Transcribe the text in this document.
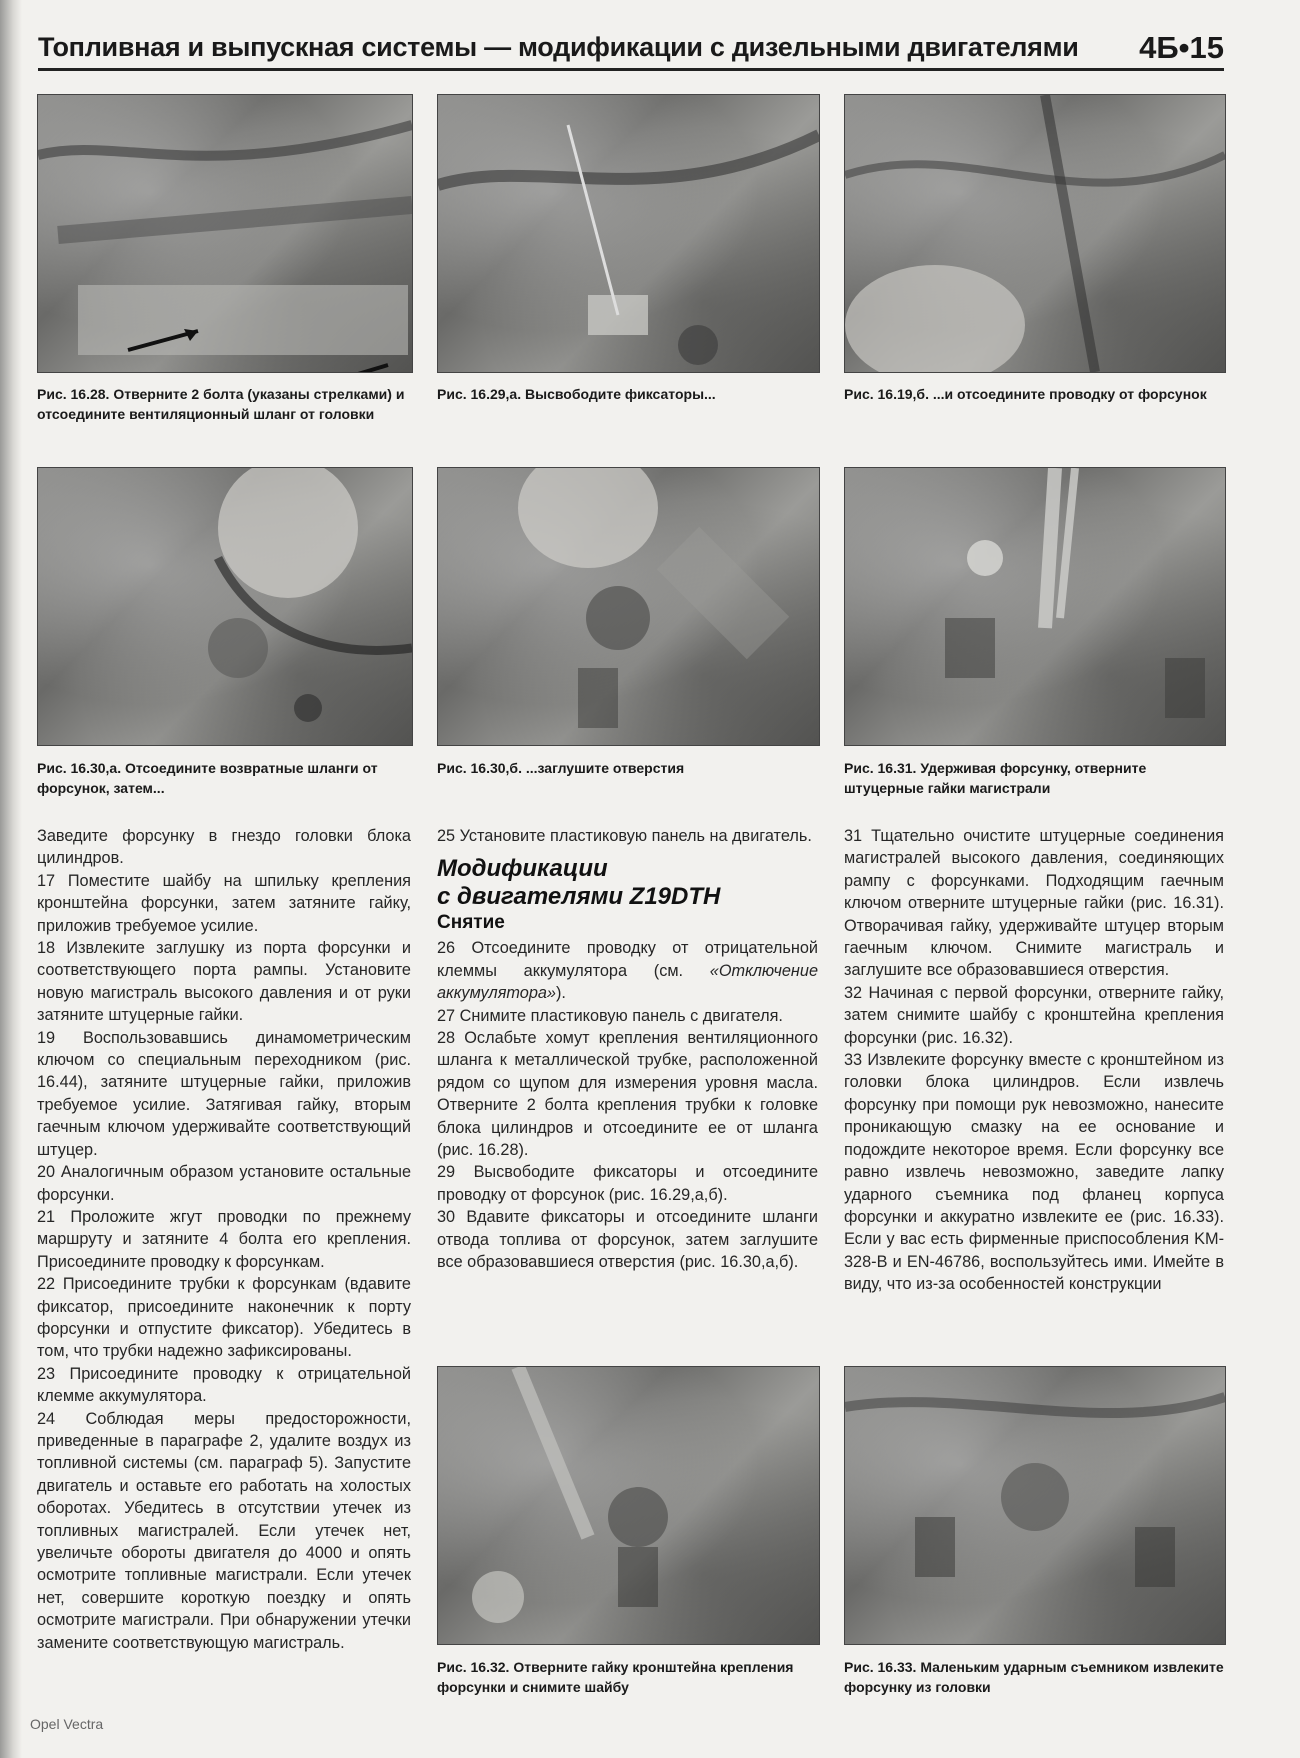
Топливная и выпускная системы — модификации с дизельными двигателями 4Б•15
Рис. 16.28. Отверните 2 болта (указаны стрелками) и отсоедините вентиляционный шланг от головки
Рис. 16.29,а. Высвободите фиксаторы...	Рис. 16.19,б. ...и отсоедините проводку от форсунок
Рис. 16.30,а. Отсоедините возвратные шланги от форсунок, затем...
Рис. 16.30,б. ...заглушите отверстия	Рис. 16.31. Удерживая форсунку, отверните штуцерные гайки магистрали

Заведите форсунку в гнездо головки блока цилиндров.

17 Поместите шайбу на шпильку крепления кронштейна форсунки, затем затяните гайку, приложив требуемое усилие.

18 Извлеките заглушку из порта форсунки и соответствующего порта рампы. Установите новую магистраль высокого давления и от руки затяните штуцерные гайки.

19 Воспользовавшись динамометрическим ключом со специальным переходником (рис. 16.44), затяните штуцерные гайки, приложив требуемое усилие. Затягивая гайку, вторым гаечным ключом удерживайте соответствующий штуцер.

20 Аналогичным образом установите остальные форсунки.

21 Проложите жгут проводки по прежнему маршруту и затяните 4 болта его крепления. Присоедините проводку к форсункам.

22 Присоедините трубки к форсункам (вдавите фиксатор, присоедините наконечник к порту форсунки и отпустите фиксатор). Убедитесь в том, что трубки надежно зафиксированы.

23 Присоедините проводку к отрицательной клемме аккумулятора.

24 Соблюдая меры предосторожности, приведенные в параграфе 2, удалите воздух из топливной системы (см. параграф 5). Запустите двигатель и оставьте его работать на холостых оборотах. Убедитесь в отсутствии утечек из топливных магистралей. Если утечек нет, увеличьте обороты двигателя до 4000 и опять осмотрите топливные магистрали. Если утечек нет, совершите короткую поездку и опять осмотрите магистрали. При обнаружении утечки замените соответствующую магистраль.

25 Установите пластиковую панель на двигатель.

Модификации
с двигателями Z19DTH
Снятие

26 Отсоедините проводку от отрицательной клеммы аккумулятора (см. «Отключение аккумулятора»).

27 Снимите пластиковую панель с двигателя.

28 Ослабьте хомут крепления вентиляционного шланга к металлической трубке, расположенной рядом со щупом для измерения уровня масла. Отверните 2 болта крепления трубки к головке блока цилиндров и отсоедините ее от шланга (рис. 16.28).

29 Высвободите фиксаторы и отсоедините проводку от форсунок (рис. 16.29,а,б).

30 Вдавите фиксаторы и отсоедините шланги отвода топлива от форсунок, затем заглушите все образовавшиеся отверстия (рис. 16.30,а,б).

31 Тщательно очистите штуцерные соединения магистралей высокого давления, соединяющих рампу с форсунками. Подходящим гаечным ключом отверните штуцерные гайки (рис. 16.31). Отворачивая гайку, удерживайте штуцер вторым гаечным ключом. Снимите магистраль и заглушите все образовавшиеся отверстия.

32 Начиная с первой форсунки, отверните гайку, затем снимите шайбу с кронштейна крепления форсунки (рис. 16.32).

33 Извлеките форсунку вместе с кронштейном из головки блока цилиндров. Если извлечь форсунку при помощи рук невозможно, нанесите проникающую смазку на ее основание и подождите некоторое время. Если форсунку все равно извлечь невозможно, заведите лапку ударного съемника под фланец корпуса форсунки и аккуратно извлеките ее (рис. 16.33). Если у вас есть фирменные приспособления KM-328-B и EN-46786, воспользуйтесь ими. Имейте в виду, что из-за особенностей конструкции

Рис. 16.32. Отверните гайку кронштейна крепления форсунки и снимите шайбу
Рис. 16.33. Маленьким ударным съемником извлеките форсунку из головки
Opel Vectra
